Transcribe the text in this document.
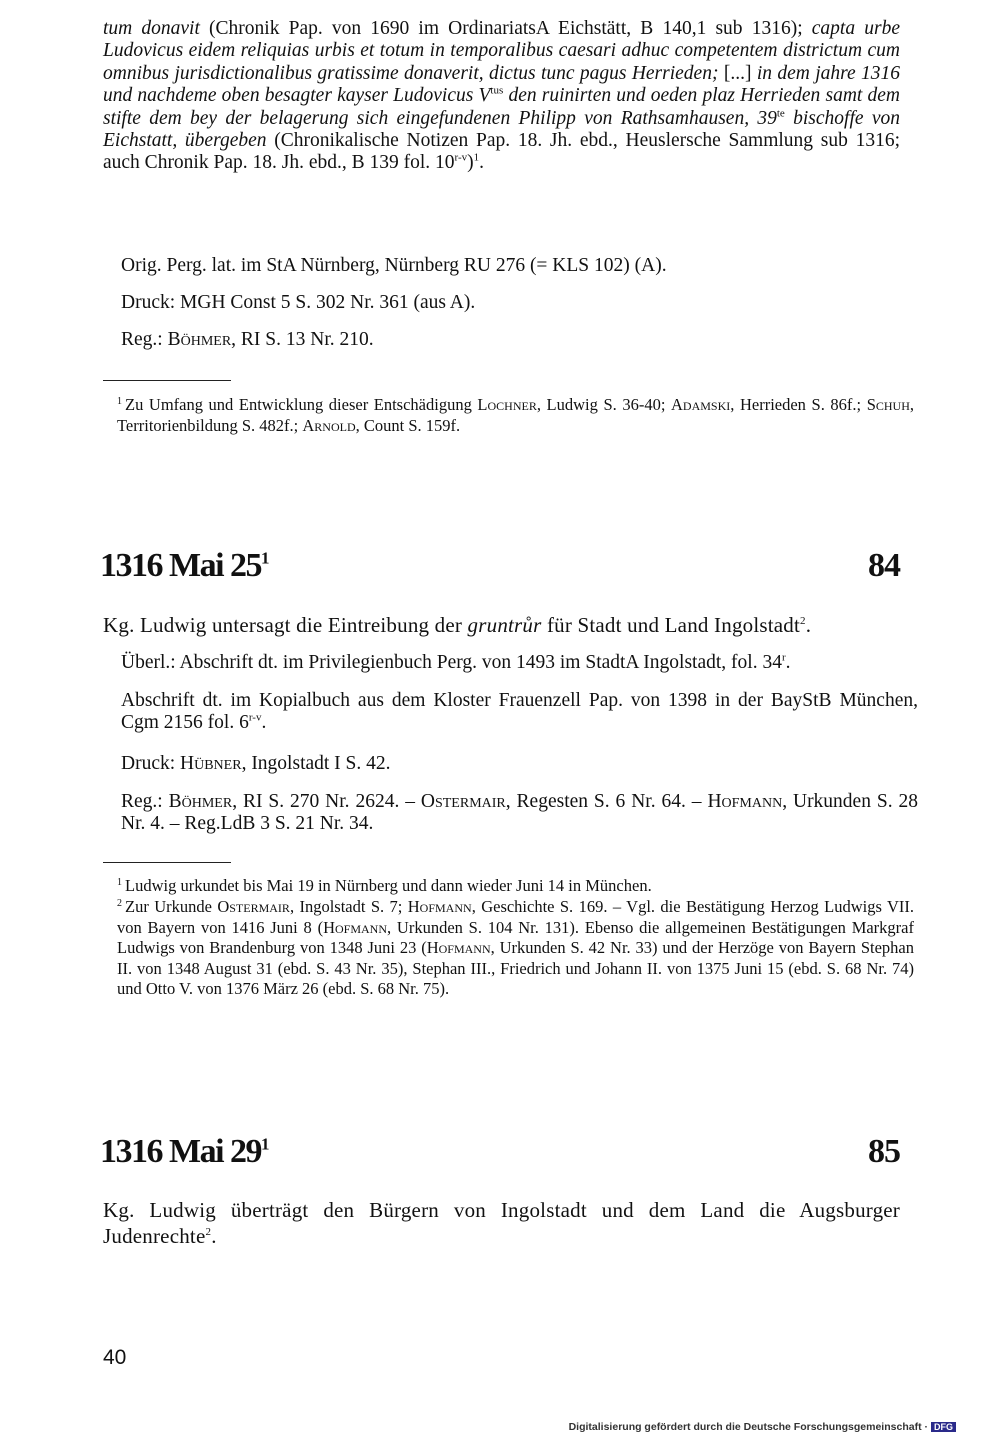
tum donavit (Chronik Pap. von 1690 im OrdinariatsA Eichstätt, B 140,1 sub 1316); capta urbe Ludovicus eidem reliquias urbis et totum in temporalibus caesari adhuc competentem districtum cum omnibus jurisdictionalibus gratissime donaverit, dictus tunc pagus Herrieden; [...] in dem jahre 1316 und nachdeme oben besagter kayser Ludovicus $V^{tus}$ den ruinirten und oeden plaz Herrieden samt dem stifte dem bey der belagerung sich eingefundenen Philipp von Rathsamhausen, $39^{te}$ bischoffe von Eichstatt, übergeben (Chronikalische Notizen Pap. 18. Jh. ebd., Heuslersche Sammlung sub 1316; auch Chronik Pap. 18. Jh. ebd., B 139 fol. 10$^{r-v}$)$^1$.
Orig. Perg. lat. im StA Nürnberg, Nürnberg RU 276 (= KLS 102) (A).
Druck: MGH Const 5 S. 302 Nr. 361 (aus A).
Reg.: Böhmer, RI S. 13 Nr. 210.
$^1$ Zu Umfang und Entwicklung dieser Entschädigung Lochner, Ludwig S. 36-40; Adamski, Herrieden S. 86f.; Schuh, Territorienbildung S. 482f.; Arnold, Count S. 159f.
1316 Mai $25^1$	84
Kg. Ludwig untersagt die Eintreibung der gruntrůr für Stadt und Land Ingolstadt$^2$.
Überl.: Abschrift dt. im Privilegienbuch Perg. von 1493 im StadtA Ingolstadt, fol. 34$^r$.
Abschrift dt. im Kopialbuch aus dem Kloster Frauenzell Pap. von 1398 in der BayStB München, Cgm 2156 fol. 6$^{r-v}$.
Druck: Hübner, Ingolstadt I S. 42.
Reg.: Böhmer, RI S. 270 Nr. 2624. – Ostermair, Regesten S. 6 Nr. 64. – Hofmann, Urkunden S. 28 Nr. 4. – Reg.LdB 3 S. 21 Nr. 34.
$^1$ Ludwig urkundet bis Mai 19 in Nürnberg und dann wieder Juni 14 in München.
$^2$ Zur Urkunde Ostermair, Ingolstadt S. 7; Hofmann, Geschichte S. 169. – Vgl. die Bestätigung Herzog Ludwigs VII. von Bayern von 1416 Juni 8 (Hofmann, Urkunden S. 104 Nr. 131). Ebenso die allgemeinen Bestätigungen Markgraf Ludwigs von Brandenburg von 1348 Juni 23 (Hofmann, Urkunden S. 42 Nr. 33) und der Herzöge von Bayern Stephan II. von 1348 August 31 (ebd. S. 43 Nr. 35), Stephan III., Friedrich und Johann II. von 1375 Juni 15 (ebd. S. 68 Nr. 74) und Otto V. von 1376 März 26 (ebd. S. 68 Nr. 75).
1316 Mai $29^1$	85
Kg. Ludwig überträgt den Bürgern von Ingolstadt und dem Land die Augsburger Judenrechte$^2$.
40
Digitalisierung gefördert durch die Deutsche Forschungsgemeinschaft · DFG
